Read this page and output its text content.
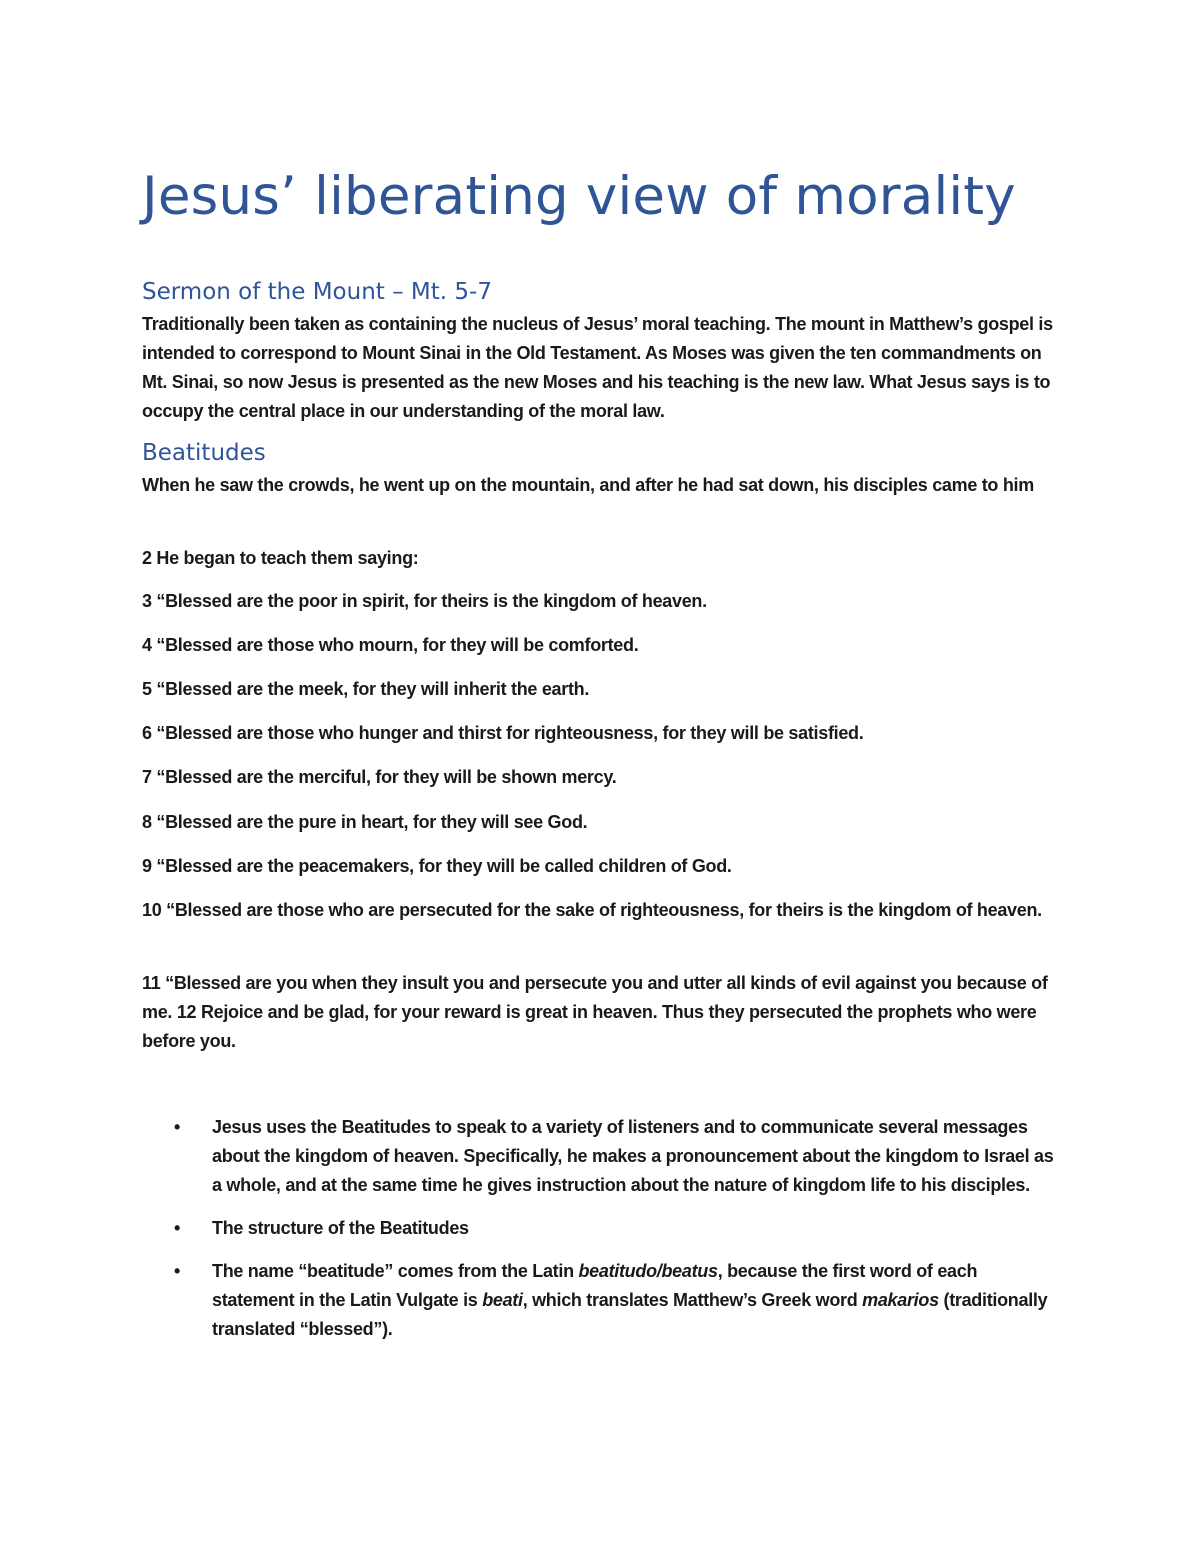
Jesus’ liberating view of morality
Sermon of the Mount – Mt. 5-7

Traditionally been taken as containing the nucleus of Jesus’ moral teaching. The mount in Matthew’s gospel is intended to correspond to Mount Sinai in the Old Testament. As Moses was given the ten commandments on Mt. Sinai, so now Jesus is presented as the new Moses and his teaching is the new law. What Jesus says is to occupy the central place in our understanding of the moral law.

Beatitudes

When he saw the crowds, he went up on the mountain, and after he had sat down, his disciples came to him

2 He began to teach them saying:

3 “Blessed are the poor in spirit, for theirs is the kingdom of heaven.

4 “Blessed are those who mourn, for they will be comforted.

5 “Blessed are the meek, for they will inherit the earth.

6 “Blessed are those who hunger and thirst for righteousness, for they will be satisfied.

7 “Blessed are the merciful, for they will be shown mercy.

8 “Blessed are the pure in heart, for they will see God.

9 “Blessed are the peacemakers, for they will be called children of God.

10 “Blessed are those who are persecuted for the sake of righteousness, for theirs is the kingdom of heaven.

11 “Blessed are you when they insult you and persecute you and utter all kinds of evil against you because of me. 12 Rejoice and be glad, for your reward is great in heaven. Thus they persecuted the prophets who were before you.

• Jesus uses the Beatitudes to speak to a variety of listeners and to communicate several messages about the kingdom of heaven. Specifically, he makes a pronouncement about the kingdom to Israel as a whole, and at the same time he gives instruction about the nature of kingdom life to his disciples.
• The structure of the Beatitudes
• The name “beatitude” comes from the Latin beatitudo/beatus, because the first word of each statement in the Latin Vulgate is beati, which translates Matthew’s Greek word makarios (traditionally translated “blessed”).
